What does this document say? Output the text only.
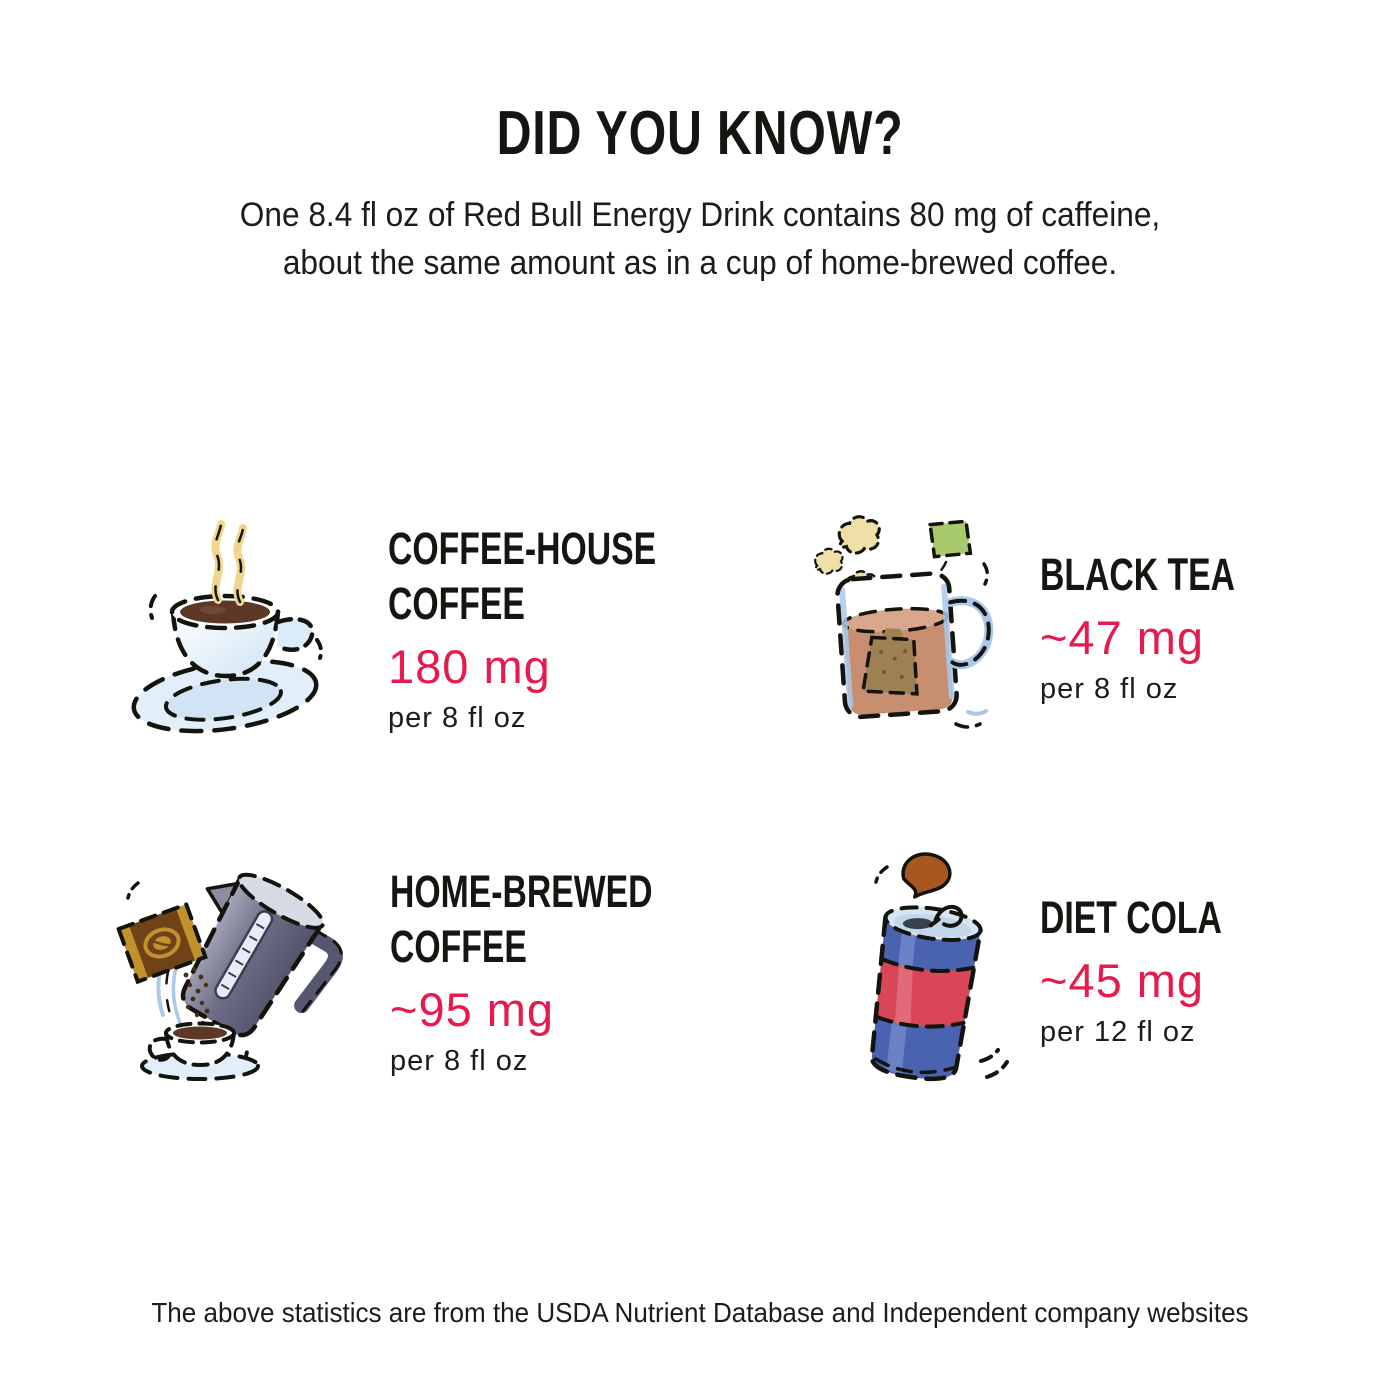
DID YOU KNOW?

One 8.4 fl oz of Red Bull Energy Drink contains 80 mg of caffeine,
about the same amount as in a cup of home-brewed coffee.

COFFEE-HOUSE
COFFEE
180 mg
per 8 fl oz
BLACK TEA
~47 mg
per 8 fl oz
HOME-BREWED
COFFEE
~95 mg
per 8 fl oz
DIET COLA
~45 mg
per 12 fl oz

The above statistics are from the USDA Nutrient Database and Independent company websites
